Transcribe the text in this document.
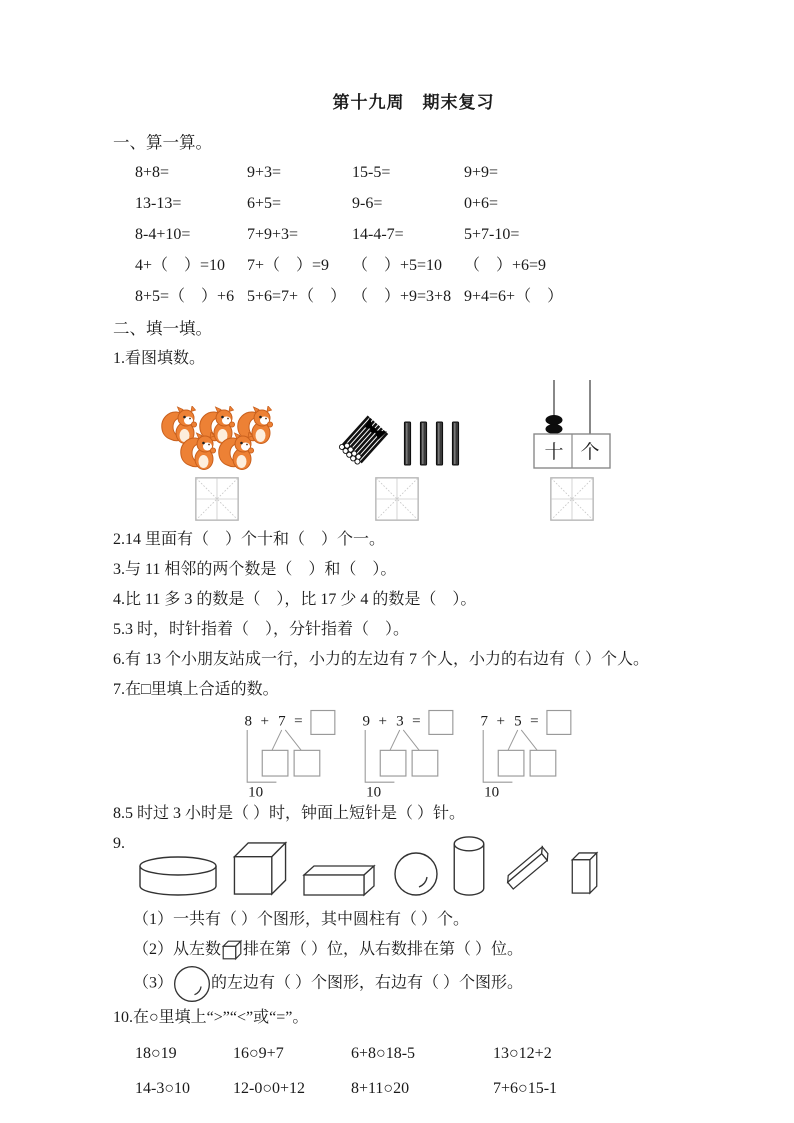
第十九周　期末复习
一、算一算。
8+8=	9+3=	15-5=	9+9=
13-13=	6+5=	9-6=	0+6=
8-4+10=	7+9+3=	14-4-7=	5+7-10=
4+（　）=10	7+（　）=9	（　）+5=10	（　）+6=9
8+5=（　）+6 5+6=7+（　） （　）+9=3+8 9+4=6+（　）
二、填一填。
1.看图填数。
十 个
2.14 里面有（　）个十和（　）个一。
3.与 11 相邻的两个数是（　）和（　）。
4.比 11 多 3 的数是（　），比 17 少 4 的数是（　）。
5.3 时，时针指着（　），分针指着（　）。
6.有 13 个小朋友站成一行，小力的左边有 7 个人，小力的右边有（ ）个人。
7.在□里填上合适的数。
8 + 7 =
10
9 + 3 =
10
7 + 5 =
10
8.5 时过 3 小时是（ ）时，钟面上短针是（ ）针。
9.
（1）一共有（ ）个图形，其中圆柱有（ ）个。
（2）从左数 排在第（ ）位，从右数排在第（ ）位。
（3） 的左边有（ ）个图形，右边有（ ）个图形。
10.在○里填上“>”“<”或“=”。
18○19	16○9+7	6+8○18-5	13○12+2
14-3○10	12-0○0+12	8+11○20	7+6○15-1
